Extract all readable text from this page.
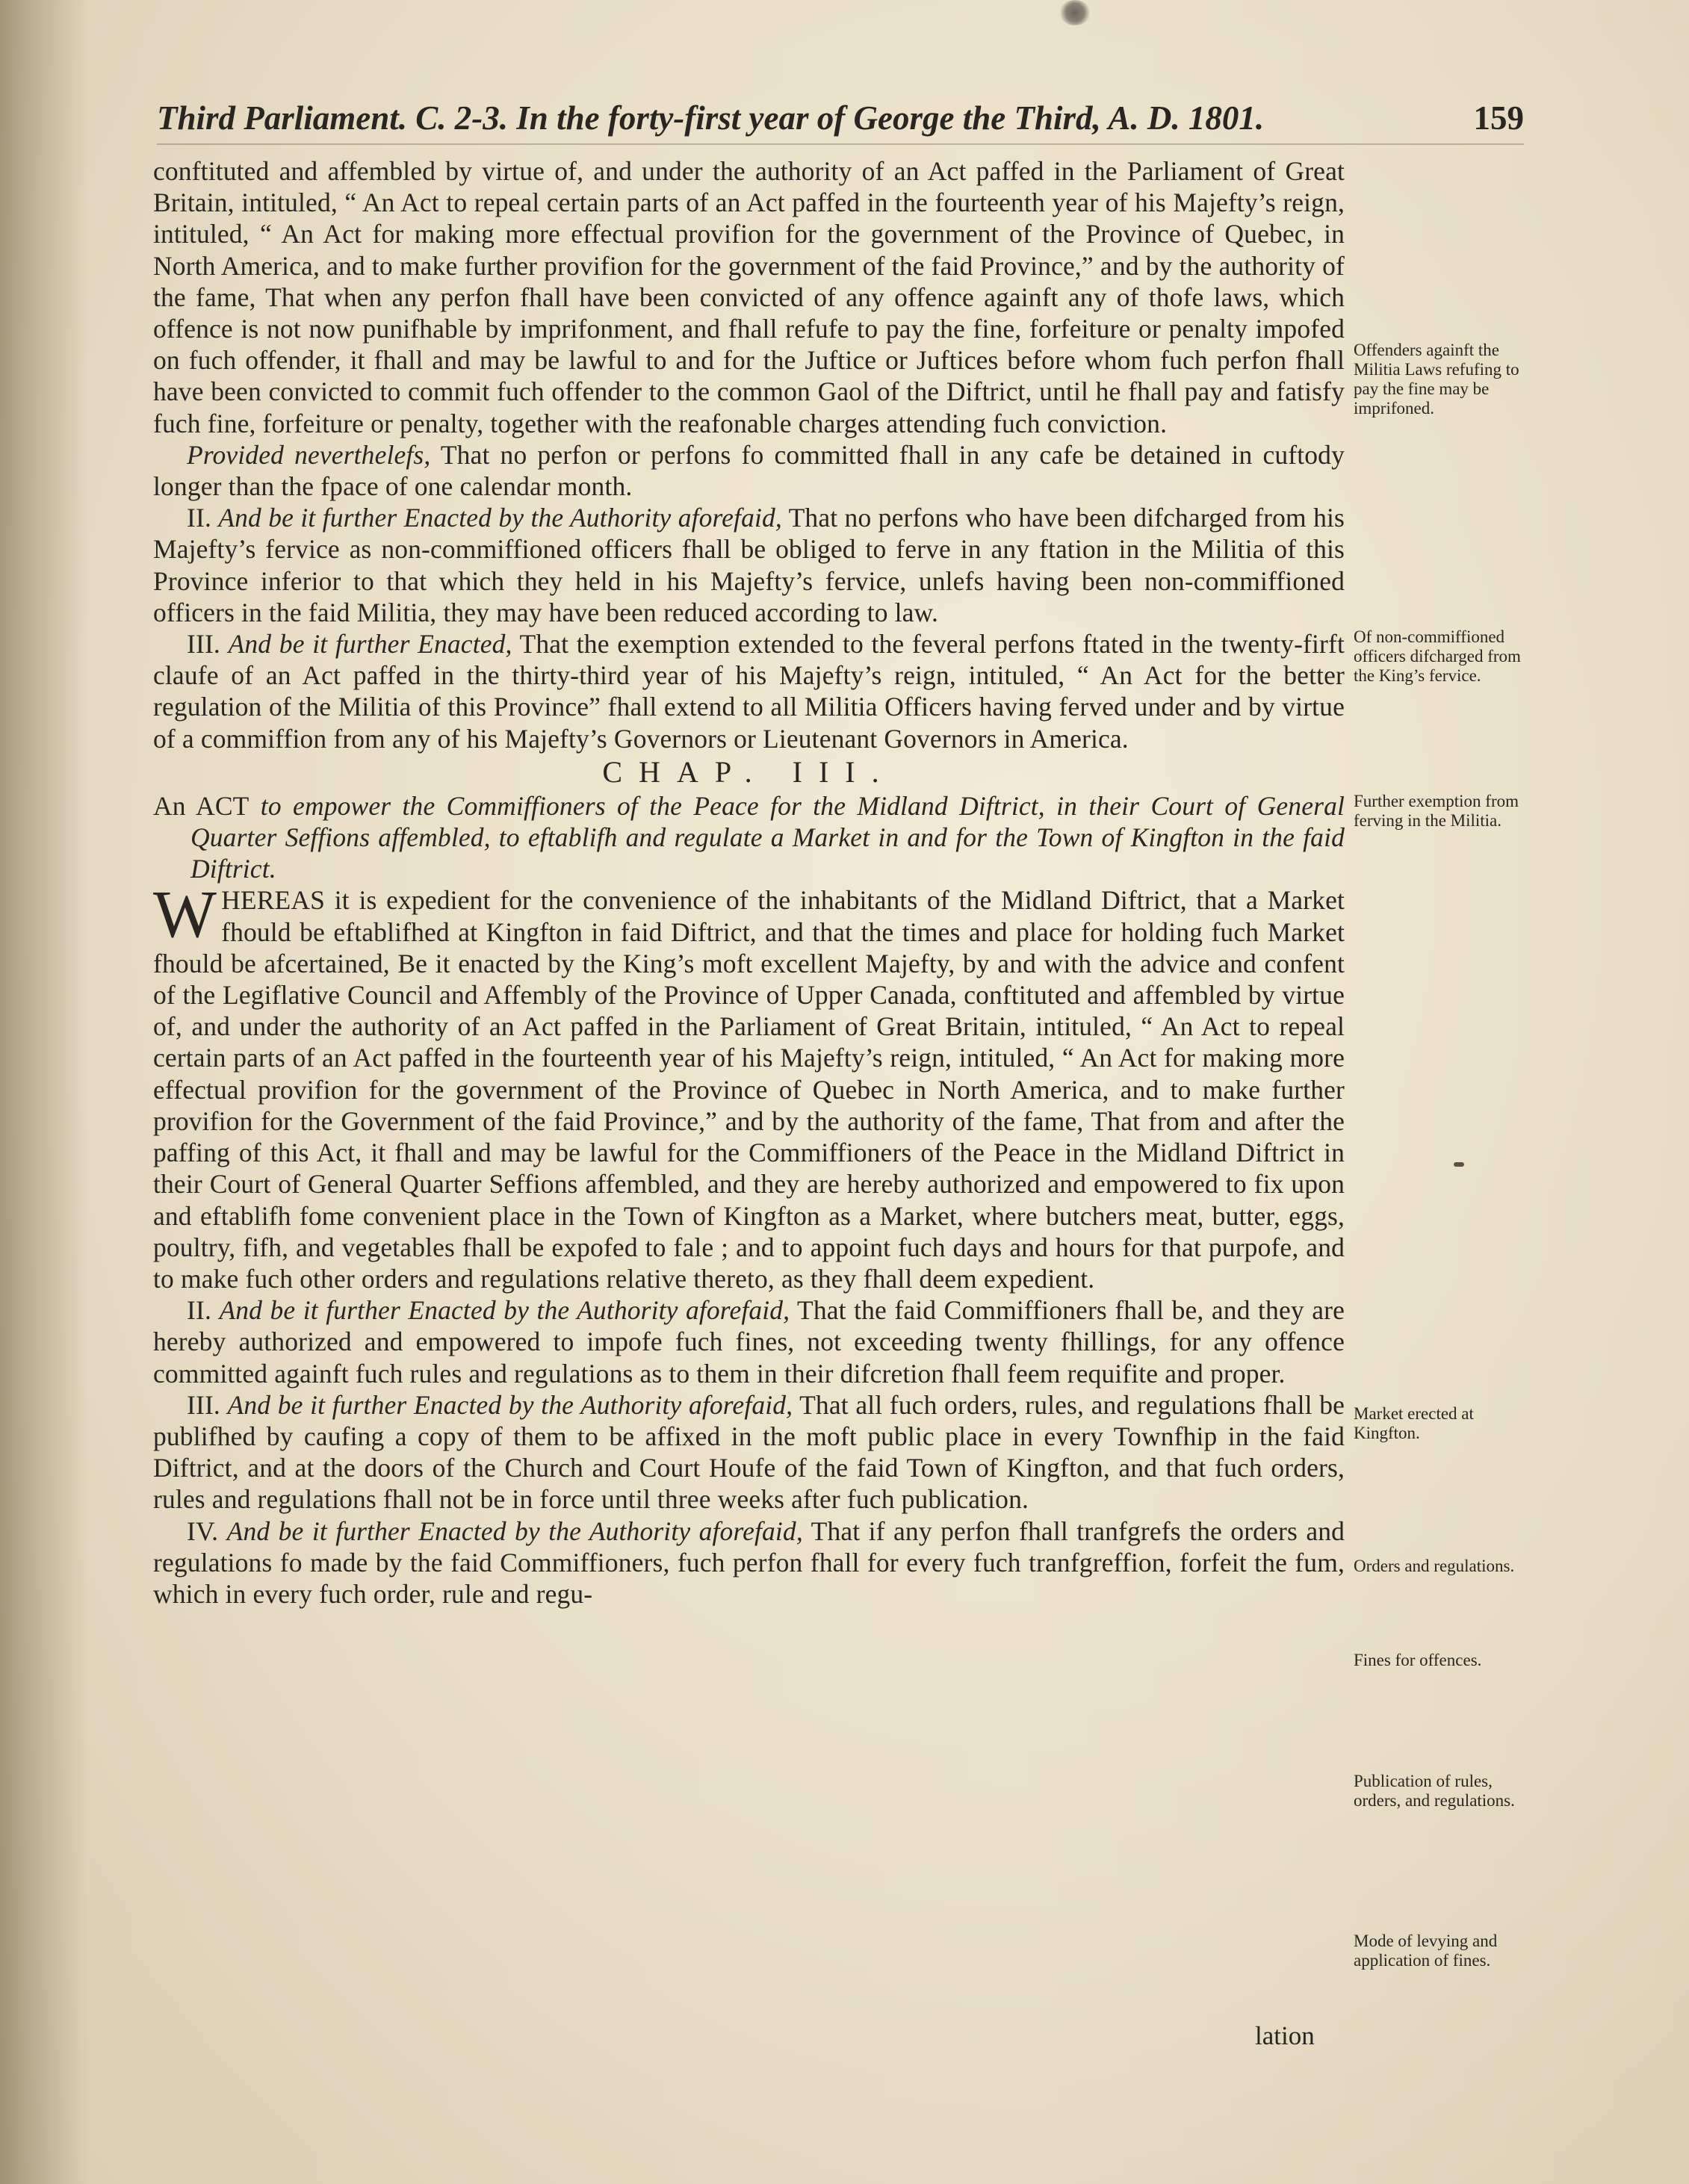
Third Parliament. C. 2-3. In the forty-first year of George the Third, A. D. 1801.	159

conftituted and affembled by virtue of, and under the authority of an Act paffed in the Parliament of Great Britain, intituled, “ An Act to repeal certain parts of an Act paffed in the fourteenth year of his Majefty’s reign, intituled, “ An Act for making more effectual provifion for the government of the Province of Quebec, in North America, and to make further provifion for the government of the faid Province,” and by the authority of the fame, That when any perfon fhall have been convicted of any offence againft any of thofe laws, which offence is not now punifhable by imprifonment, and fhall refufe to pay the fine, forfeiture or penalty impofed on fuch offender, it fhall and may be lawful to and for the Juftice or Juftices before whom fuch perfon fhall have been convicted to commit fuch offender to the common Gaol of the Diftrict, until he fhall pay and fatisfy fuch fine, forfeiture or penalty, together with the reafonable charges attending fuch conviction.

Provided neverthelefs, That no perfon or perfons fo committed fhall in any cafe be detained in cuftody longer than the fpace of one calendar month.

II. And be it further Enacted by the Authority aforefaid, That no perfons who have been difcharged from his Majefty’s fervice as non-commiffioned officers fhall be obliged to ferve in any ftation in the Militia of this Province inferior to that which they held in his Majefty’s fervice, unlefs having been non-commiffioned officers in the faid Militia, they may have been reduced according to law.

III. And be it further Enacted, That the exemption extended to the feveral perfons ftated in the twenty-firft claufe of an Act paffed in the thirty-third year of his Majefty’s reign, intituled, “ An Act for the better regulation of the Militia of this Province” fhall extend to all Militia Officers having ferved under and by virtue of a commiffion from any of his Majefty’s Governors or Lieutenant Governors in America.

CHAP. III.

An ACT to empower the Commiffioners of the Peace for the Midland Diftrict, in their Court of General Quarter Seffions affembled, to eftablifh and regulate a Market in and for the Town of Kingfton in the faid Diftrict.

WHEREAS it is expedient for the convenience of the inhabitants of the Midland Diftrict, that a Market fhould be eftablifhed at Kingfton in faid Diftrict, and that the times and place for holding fuch Market fhould be afcertained, Be it enacted by the King’s moft excellent Majefty, by and with the advice and confent of the Legiflative Council and Affembly of the Province of Upper Canada, conftituted and affembled by virtue of, and under the authority of an Act paffed in the Parliament of Great Britain, intituled, “ An Act to repeal certain parts of an Act paffed in the fourteenth year of his Majefty’s reign, intituled, “ An Act for making more effectual provifion for the government of the Province of Quebec in North America, and to make further provifion for the Government of the faid Province,” and by the authority of the fame, That from and after the paffing of this Act, it fhall and may be lawful for the Commiffioners of the Peace in the Midland Diftrict in their Court of General Quarter Seffions affembled, and they are hereby authorized and empowered to fix upon and eftablifh fome convenient place in the Town of Kingfton as a Market, where butchers meat, butter, eggs, poultry, fifh, and vegetables fhall be expofed to fale ; and to appoint fuch days and hours for that purpofe, and to make fuch other orders and regulations relative thereto, as they fhall deem expedient.

II. And be it further Enacted by the Authority aforefaid, That the faid Commiffioners fhall be, and they are hereby authorized and empowered to impofe fuch fines, not exceeding twenty fhillings, for any offence committed againft fuch rules and regulations as to them in their difcretion fhall feem requifite and proper.

III. And be it further Enacted by the Authority aforefaid, That all fuch orders, rules, and regulations fhall be publifhed by caufing a copy of them to be affixed in the moft public place in every Townfhip in the faid Diftrict, and at the doors of the Church and Court Houfe of the faid Town of Kingfton, and that fuch orders, rules and regulations fhall not be in force until three weeks after fuch publication.

IV. And be it further Enacted by the Authority aforefaid, That if any perfon fhall tranfgrefs the orders and regulations fo made by the faid Commiffioners, fuch perfon fhall for every fuch tranfgreffion, forfeit the fum, which in every fuch order, rule and regu-

lation
Offenders againft the Militia Laws refufing to pay the fine may be imprifoned.
Of non-commiffioned officers difcharged from the King’s fervice.
Further exemption from ferving in the Militia.
Market erected at Kingfton.
Orders and regulations.
Fines for offences.
Publication of rules, orders, and regulations.
Mode of levying and application of fines.
